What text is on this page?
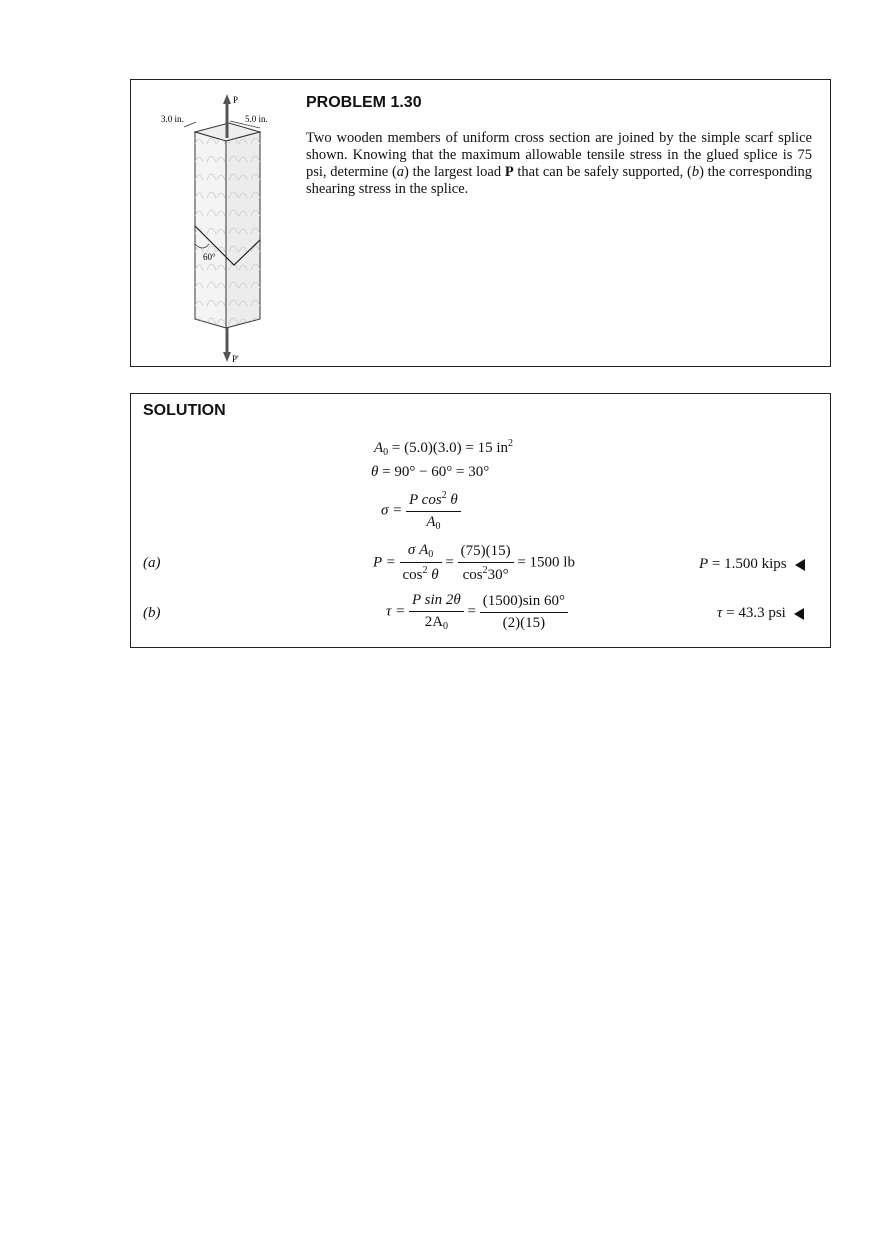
P
P'
5.0 in.
3.0 in.
60°
PROBLEM 1.30
Two wooden members of uniform cross section are joined by the simple scarf splice shown. Knowing that the maximum allowable tensile stress in the glued splice is 75 psi, determine (a) the largest load P that can be safely supported, (b) the corresponding shearing stress in the splice.
SOLUTION
$A_0 = (5.0)(3.0) = 15$ $in^2$
θ = 90° − 60° = 30°
$\sigma = \frac{P \cos^2 \theta}{A_0}$
(a)	$P = \frac{\sigma A_0}{\cos^2 \theta} = \frac{(75)(15)}{\cos^230^\circ} = 1500$ lb	P = 1.500 kips
(b)	$\tau = \frac{\text{P sin 2θ}}{2A_0} = \frac{(1500)\sin 60^\circ}{(2)(15)}$	τ = 43.3 psi
